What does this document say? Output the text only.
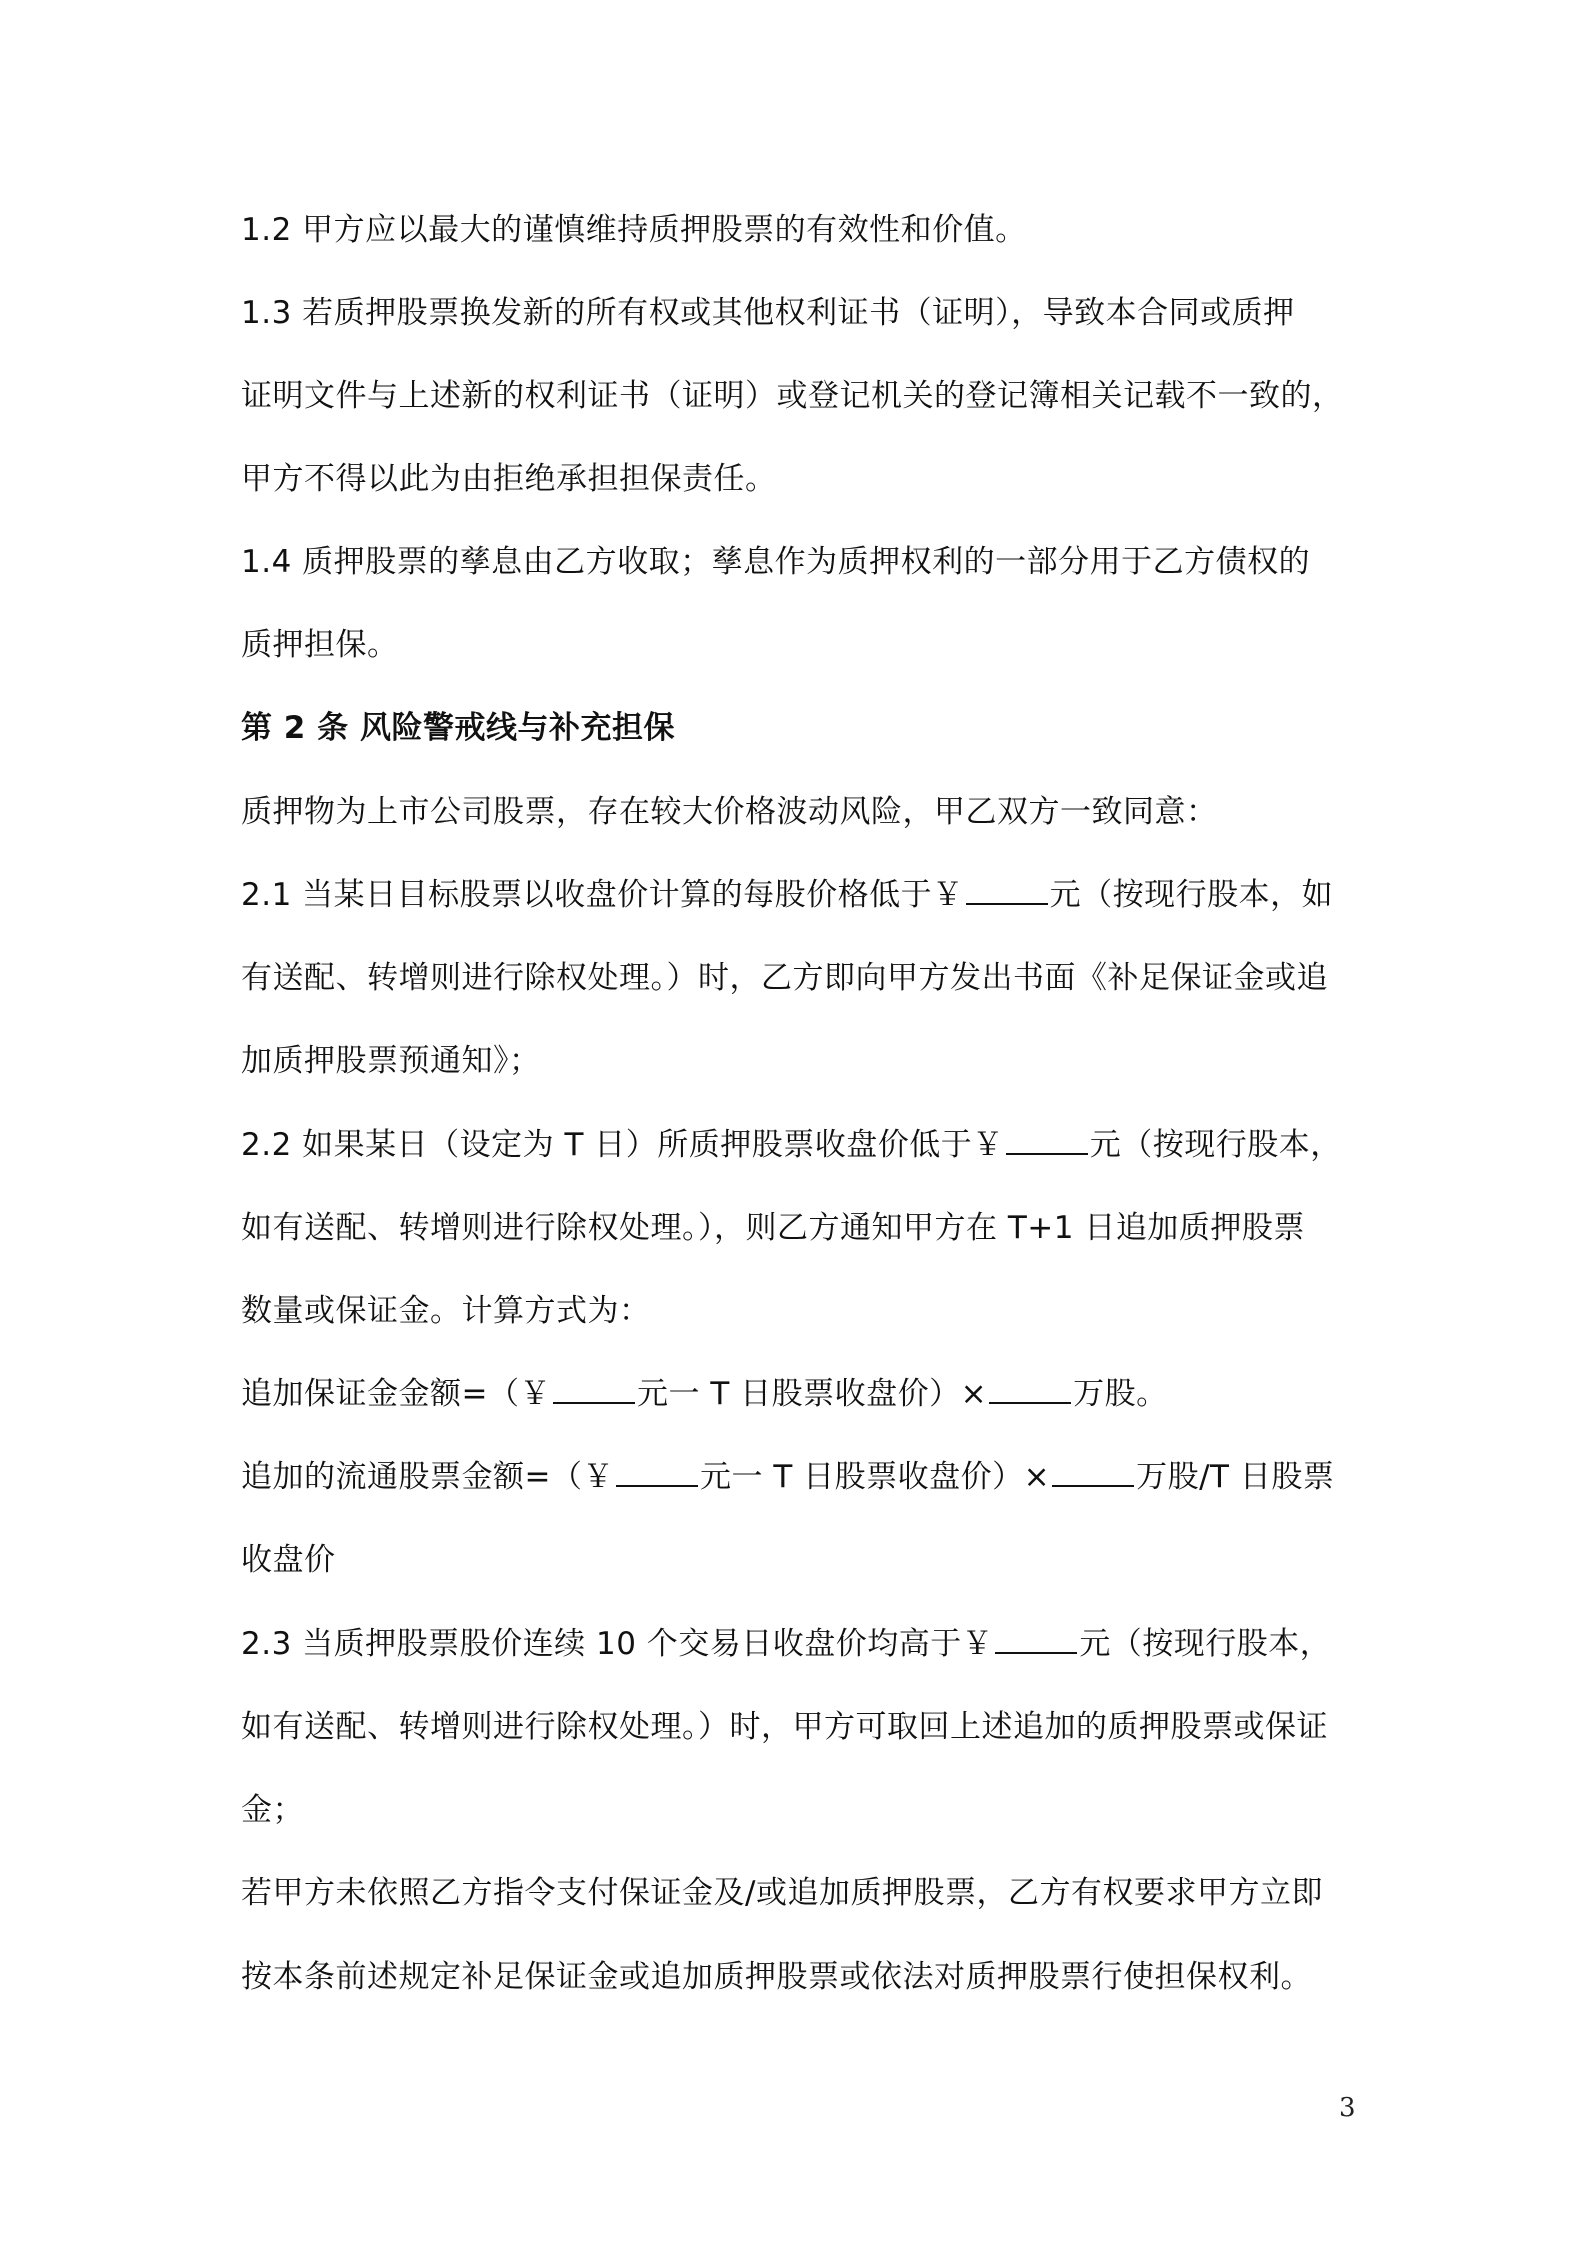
1.2 甲方应以最大的谨慎维持质押股票的有效性和价值。
1.3 若质押股票换发新的所有权或其他权利证书（证明），导致本合同或质押
证明文件与上述新的权利证书（证明）或登记机关的登记簿相关记载不一致的，
甲方不得以此为由拒绝承担担保责任。
1.4 质押股票的孳息由乙方收取；孳息作为质押权利的一部分用于乙方债权的
质押担保。
第 2 条 风险警戒线与补充担保
质押物为上市公司股票，存在较大价格波动风险，甲乙双方一致同意：
2.1 当某日目标股票以收盘价计算的每股价格低于￥	元（按现行股本，如
有送配、转增则进行除权处理。）时，乙方即向甲方发出书面《补足保证金或追
加质押股票预通知》；
2.2 如果某日（设定为 T 日）所质押股票收盘价低于￥	元（按现行股本，
如有送配、转增则进行除权处理。），则乙方通知甲方在 T+1 日追加质押股票
数量或保证金。计算方式为：
追加保证金金额=（￥	元一 T 日股票收盘价）×	万股。
追加的流通股票金额=（￥	元一 T 日股票收盘价）×	万股/T 日股票
收盘价
2.3 当质押股票股价连续 10 个交易日收盘价均高于￥	元（按现行股本，
如有送配、转增则进行除权处理。）时，甲方可取回上述追加的质押股票或保证
金；
若甲方未依照乙方指令支付保证金及/或追加质押股票，乙方有权要求甲方立即
按本条前述规定补足保证金或追加质押股票或依法对质押股票行使担保权利。
3
